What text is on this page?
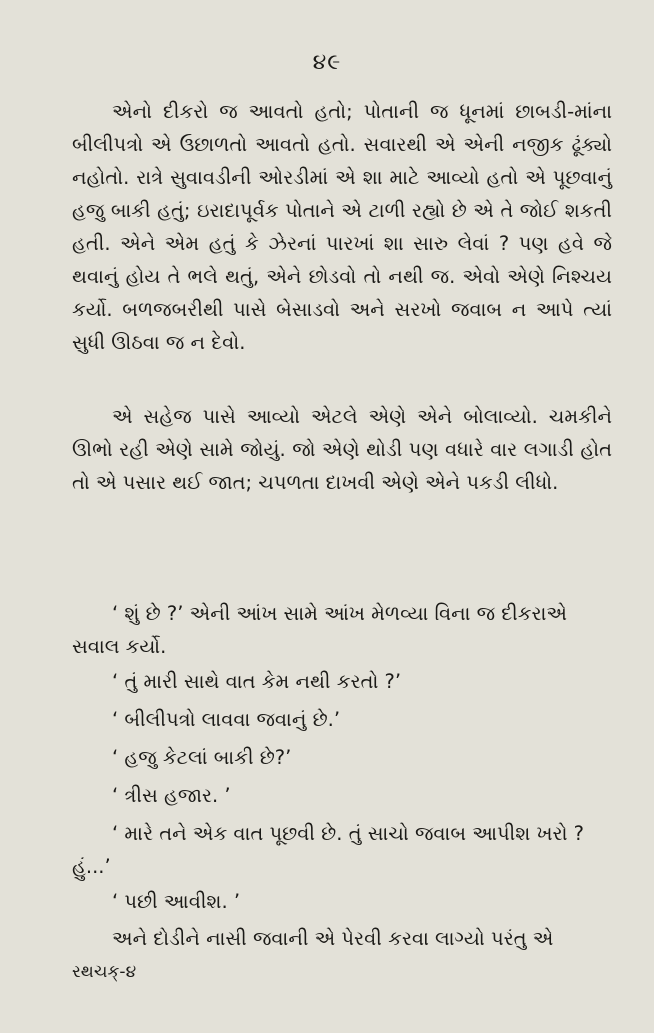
૪૯

એનો દીકરો જ આવતો હતો; પોતાની જ ધૂનમાં છાબડી-માંના બીલીપત્રો એ ઉછાળતો આવતો હતો. સવારથી એ એની નજીક ઢૂંક્યો નહોતો. રાત્રે સુવાવડીની ઓરડીમાં એ શા માટે આવ્યો હતો એ પૂછવાનું હજુ બાકી હતું; ઇરાદાપૂર્વક પોતાને એ ટાળી રહ્યો છે એ તે જોઈ શકતી હતી. એને એમ હતું કે ઝેરનાં પારખાં શા સારુ લેવાં ? પણ હવે જે થવાનું હોય તે ભલે થતું, એને છોડવો તો નથી જ. એવો એણે નિશ્ચય કર્યો. બળજબરીથી પાસે બેસાડવો અને સરખો જવાબ ન આપે ત્યાં સુધી ઊઠવા જ ન દેવો.

એ સહેજ પાસે આવ્યો એટલે એણે એને બોલાવ્યો. ચમકીને ઊભો રહી એણે સામે જોયું. જો એણે થોડી પણ વધારે વાર લગાડી હોત તો એ પસાર થઈ જાત; ચપળતા દાખવી એણે એને પકડી લીધો.

‘ શું છે ?’ એની આંખ સામે આંખ મેળવ્યા વિના જ દીકરાએ સવાલ કર્યો.

‘ તું મારી સાથે વાત કેમ નથી કરતો ?’

‘ બીલીપત્રો લાવવા જવાનું છે.’

‘ હજુ કેટલાં બાકી છે?’

‘ ત્રીસ હજાર. ’

‘ મારે તને એક વાત પૂછવી છે. તું સાચો જવાબ આપીશ ખરો ? હું...’

‘ પછી આવીશ. ’

અને દોડીને નાસી જવાની એ પેરવી કરવા લાગ્યો પરંતુ એ

રથચક્-૪
